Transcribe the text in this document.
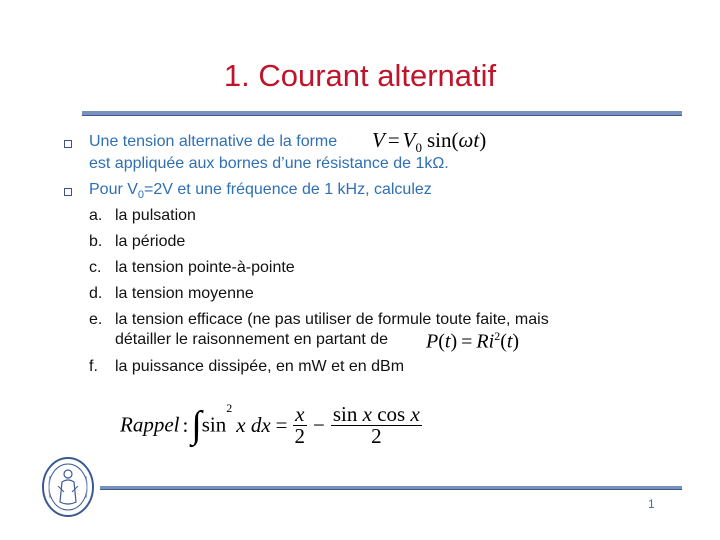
1. Courant alternatif
Une tension alternative de la forme $V = V_0$ sin(ωt)
est appliquée aux bornes d’une résistance de 1kΩ.
Pour $V_0=2V$ et une fréquence de 1 kHz, calculez
a. la pulsation
b. la période
c. la tension pointe-à-pointe
d. la tension moyenne
e. la tension efficace (ne pas utiliser de formule toute faite, mais
détailler le raisonnement en partant de $P(t) = Ri^2(t)$
f. la puissance dissipée, en mW et en dBm
Rappel $:\int\sin^2x$ dx = $\frac{x}{2} - \frac{\text{sin x cos x}}{2}$
1
